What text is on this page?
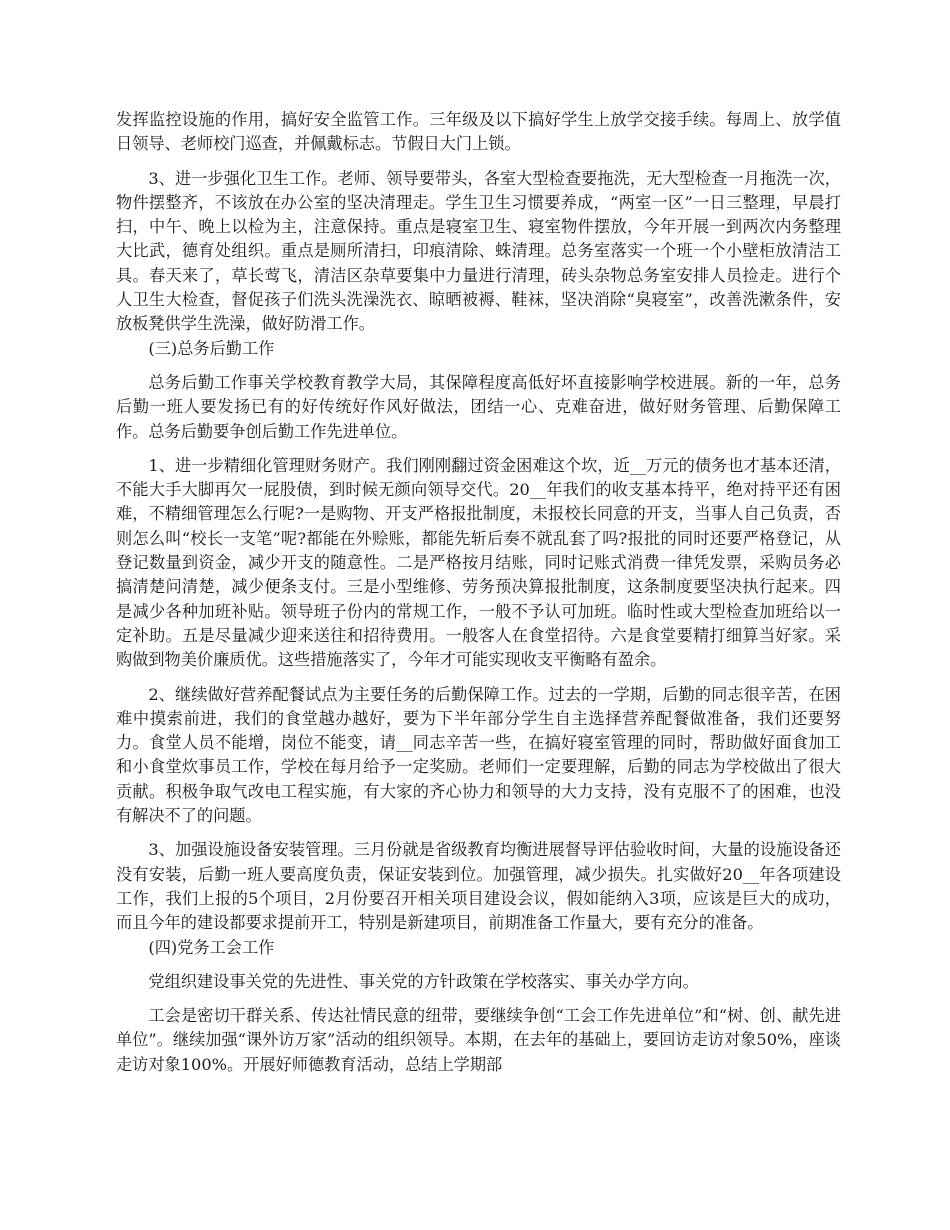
发挥监控设施的作用，搞好安全监管工作。三年级及以下搞好学生上放学交接手续。每周上、放学值日领导、老师校门巡查，并佩戴标志。节假日大门上锁。

3、进一步强化卫生工作。老师、领导要带头，各室大型检查要拖洗，无大型检查一月拖洗一次，物件摆整齐，不该放在办公室的坚决清理走。学生卫生习惯要养成，“两室一区”一日三整理，早晨打扫，中午、晚上以检为主，注意保持。重点是寝室卫生、寝室物件摆放，今年开展一到两次内务整理大比武，德育处组织。重点是厕所清扫，印痕清除、蛛清理。总务室落实一个班一个小壁柜放清洁工具。春天来了，草长莺飞，清洁区杂草要集中力量进行清理，砖头杂物总务室安排人员捡走。进行个人卫生大检查，督促孩子们洗头洗澡洗衣、晾晒被褥、鞋袜，坚决消除“臭寝室”，改善洗漱条件，安放板凳供学生洗澡，做好防滑工作。

(三)总务后勤工作

总务后勤工作事关学校教育教学大局，其保障程度高低好坏直接影响学校进展。新的一年，总务后勤一班人要发扬已有的好传统好作风好做法，团结一心、克难奋进，做好财务管理、后勤保障工作。总务后勤要争创后勤工作先进单位。

1、进一步精细化管理财务财产。我们刚刚翻过资金困难这个坎，近__万元的债务也才基本还清，不能大手大脚再欠一屁股债，到时候无颜向领导交代。20__年我们的收支基本持平，绝对持平还有困难，不精细管理怎么行呢?一是购物、开支严格报批制度，未报校长同意的开支，当事人自己负责，否则怎么叫“校长一支笔”呢?都能在外赊账，都能先斩后奏不就乱套了吗?报批的同时还要严格登记，从登记数量到资金，减少开支的随意性。二是严格按月结账，同时记账式消费一律凭发票，采购员务必搞清楚问清楚，减少便条支付。三是小型维修、劳务预决算报批制度，这条制度要坚决执行起来。四是减少各种加班补贴。领导班子份内的常规工作，一般不予认可加班。临时性或大型检查加班给以一定补助。五是尽量减少迎来送往和招待费用。一般客人在食堂招待。六是食堂要精打细算当好家。采购做到物美价廉质优。这些措施落实了，今年才可能实现收支平衡略有盈余。

2、继续做好营养配餐试点为主要任务的后勤保障工作。过去的一学期，后勤的同志很辛苦，在困难中摸索前进，我们的食堂越办越好，要为下半年部分学生自主选择营养配餐做准备，我们还要努力。食堂人员不能增，岗位不能变，请__同志辛苦一些，在搞好寝室管理的同时，帮助做好面食加工和小食堂炊事员工作，学校在每月给予一定奖励。老师们一定要理解，后勤的同志为学校做出了很大贡献。积极争取气改电工程实施，有大家的齐心协力和领导的大力支持，没有克服不了的困难，也没有解决不了的问题。

3、加强设施设备安装管理。三月份就是省级教育均衡进展督导评估验收时间，大量的设施设备还没有安装，后勤一班人要高度负责，保证安装到位。加强管理，减少损失。扎实做好20__年各项建设工作，我们上报的5个项目，2月份要召开相关项目建设会议，假如能纳入3项，应该是巨大的成功，而且今年的建设都要求提前开工，特别是新建项目，前期准备工作量大，要有充分的准备。

(四)党务工会工作

党组织建设事关党的先进性、事关党的方针政策在学校落实、事关办学方向。

工会是密切干群关系、传达社情民意的纽带，要继续争创“工会工作先进单位”和“树、创、献先进单位”。继续加强“课外访万家”活动的组织领导。本期，在去年的基础上，要回访走访对象50%，座谈走访对象100%。开展好师德教育活动，总结上学期部
